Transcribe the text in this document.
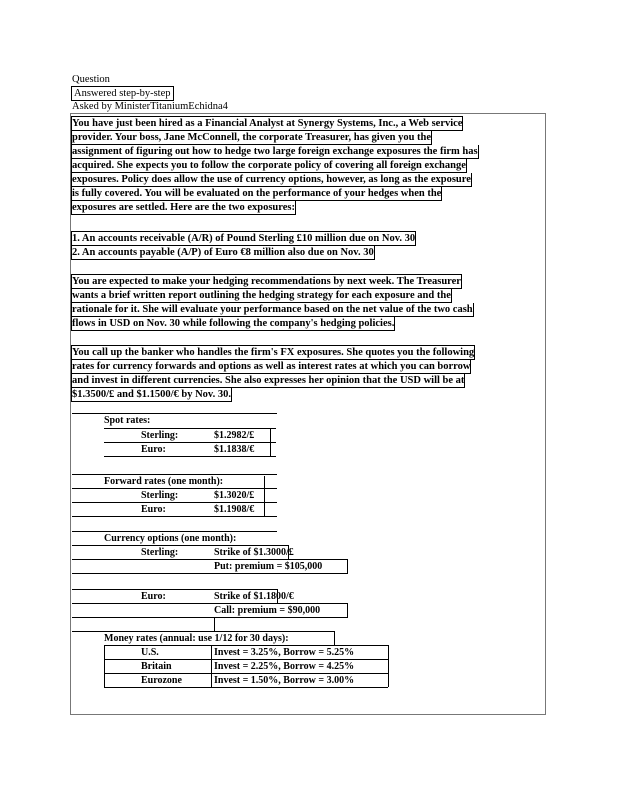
Question
Answered step-by-step
Asked by MinisterTitaniumEchidna4
You have just been hired as a Financial Analyst at Synergy Systems, Inc., a Web service
provider. Your boss, Jane McConnell, the corporate Treasurer, has given you the
assignment of figuring out how to hedge two large foreign exchange exposures the firm has
acquired. She expects you to follow the corporate policy of covering all foreign exchange
exposures. Policy does allow the use of currency options, however, as long as the exposure
is fully covered. You will be evaluated on the performance of your hedges when the
exposures are settled. Here are the two exposures:
1. An accounts receivable (A/R) of Pound Sterling £10 million due on Nov. 30
2. An accounts payable (A/P) of Euro €8 million also due on Nov. 30
You are expected to make your hedging recommendations by next week. The Treasurer
wants a brief written report outlining the hedging strategy for each exposure and the
rationale for it. She will evaluate your performance based on the net value of the two cash
flows in USD on Nov. 30 while following the company's hedging policies.
You call up the banker who handles the firm's FX exposures. She quotes you the following
rates for currency forwards and options as well as interest rates at which you can borrow
and invest in different currencies. She also expresses her opinion that the USD will be at
$1.3500/£ and $1.1500/€ by Nov. 30.
Spot rates:
Sterling:	$1.2982/£
Euro:	$1.1838/€
Forward rates (one month):
Sterling:	$1.3020/£
Euro:	$1.1908/€
Currency options (one month):
Sterling:	Strike of $1.3000/£
Put: premium = $105,000
Euro:	Strike of $1.1800/€
Call: premium = $90,000
Money rates (annual: use 1/12 for 30 days):
U.S.	Invest = 3.25%, Borrow = 5.25%
Britain	Invest = 2.25%, Borrow = 4.25%
Eurozone	Invest = 1.50%, Borrow = 3.00%
